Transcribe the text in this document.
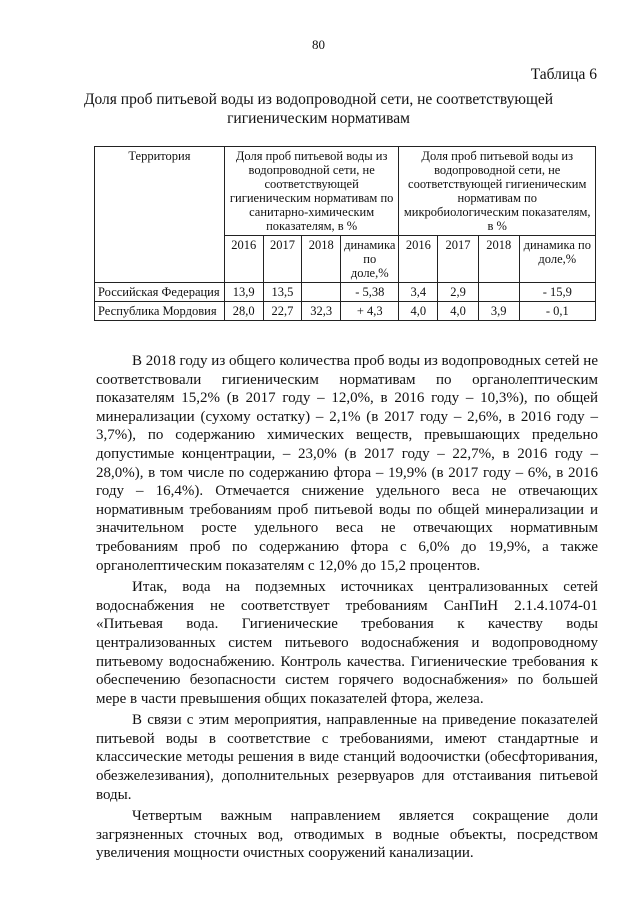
80
Таблица 6
Доля проб питьевой воды из водопроводной сети, не соответствующей
гигиеническим нормативам
Территория	Доля проб питьевой воды из водопроводной сети, не соответствующей гигиеническим нормативам по санитарно-химическим показателям, в %				Доля проб питьевой воды из водопроводной сети, не соответствующей гигиеническим нормативам по микробиологическим показателям, в %			
	2016	2017	2018	динамика по доле,%	2016	2017	2018	динамика по доле,%
Российская Федерация	13,9	13,5		- 5,38	3,4	2,9		- 15,9
Республика Мордовия	28,0	22,7	32,3	+ 4,3	4,0	4,0	3,9	- 0,1

В 2018 году из общего количества проб воды из водопроводных сетей не соответствовали гигиеническим нормативам по органолептическим показателям 15,2% (в 2017 году – 12,0%, в 2016 году – 10,3%), по общей минерализации (сухому остатку) – 2,1% (в 2017 году – 2,6%, в 2016 году – 3,7%), по содержанию химических веществ, превышающих предельно допустимые концентрации, – 23,0% (в 2017 году – 22,7%, в 2016 году – 28,0%), в том числе по содержанию фтора – 19,9% (в 2017 году – 6%, в 2016 году – 16,4%). Отмечается снижение удельного веса не отвечающих нормативным требованиям проб питьевой воды по общей минерализации и значительном росте удельного веса не отвечающих нормативным требованиям проб по содержанию фтора с 6,0% до 19,9%, а также органолептическим показателям с 12,0% до 15,2 процентов.

Итак, вода на подземных источниках централизованных сетей водоснабжения не соответствует требованиям СанПиН 2.1.4.1074-01 «Питьевая вода. Гигиенические требования к качеству воды централизованных систем питьевого водоснабжения и водопроводному питьевому водоснабжению. Контроль качества. Гигиенические требования к обеспечению безопасности систем горячего водоснабжения» по большей мере в части превышения общих показателей фтора, железа.

В связи с этим мероприятия, направленные на приведение показателей питьевой воды в соответствие с требованиями, имеют стандартные и классические методы решения в виде станций водоочистки (обесфторивания, обезжелезивания), дополнительных резервуаров для отстаивания питьевой воды.

Четвертым важным направлением является сокращение доли загрязненных сточных вод, отводимых в водные объекты, посредством увеличения мощности очистных сооружений канализации.
